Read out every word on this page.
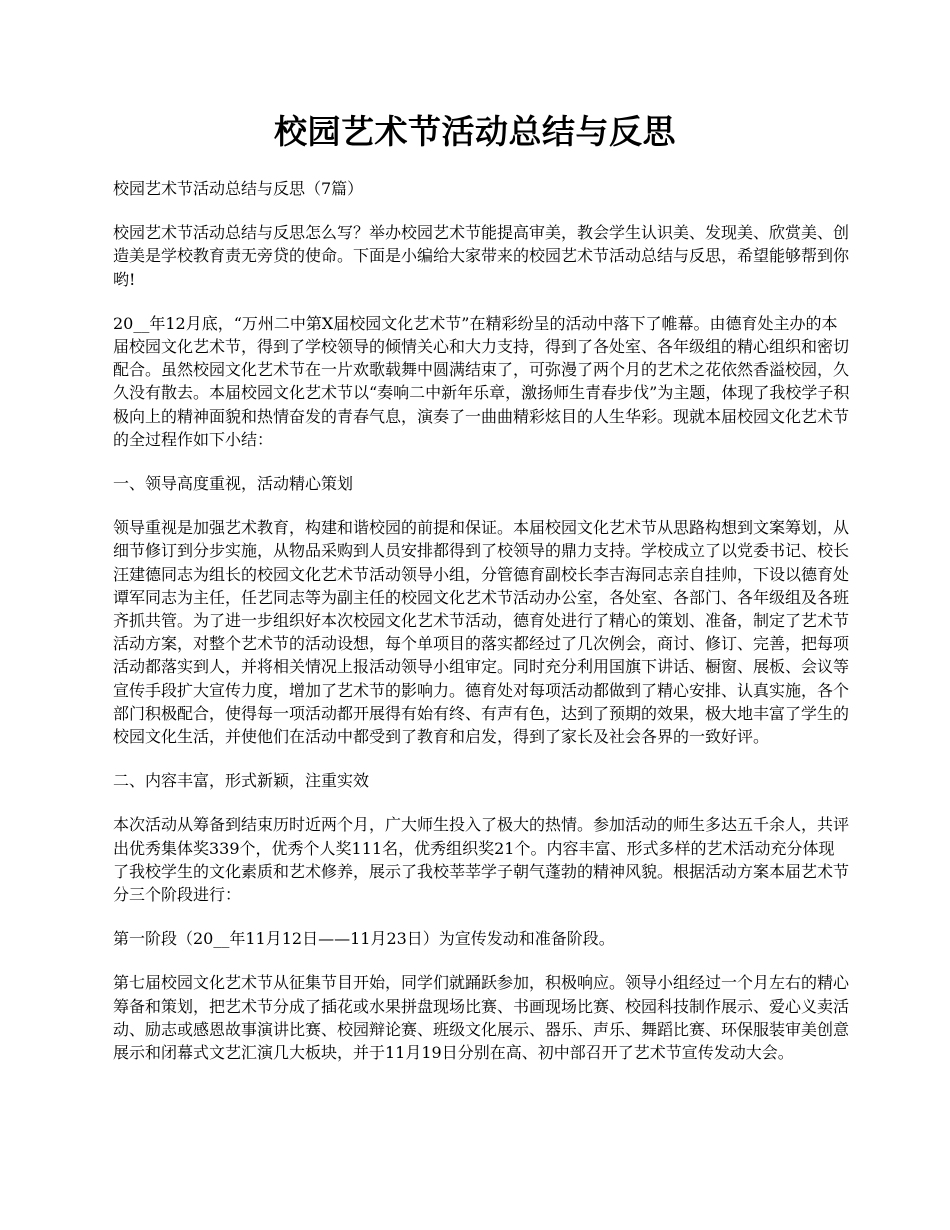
校园艺术节活动总结与反思

校园艺术节活动总结与反思（7篇）

校园艺术节活动总结与反思怎么写？举办校园艺术节能提高审美，教会学生认识美、发现美、欣赏美、创造美是学校教育责无旁贷的使命。下面是小编给大家带来的校园艺术节活动总结与反思，希望能够帮到你哟!

20__年12月底，“万州二中第X届校园文化艺术节”在精彩纷呈的活动中落下了帷幕。由德育处主办的本届校园文化艺术节，得到了学校领导的倾情关心和大力支持，得到了各处室、各年级组的精心组织和密切配合。虽然校园文化艺术节在一片欢歌载舞中圆满结束了，可弥漫了两个月的艺术之花依然香溢校园，久久没有散去。本届校园文化艺术节以“奏响二中新年乐章，激扬师生青春步伐”为主题，体现了我校学子积极向上的精神面貌和热情奋发的青春气息，演奏了一曲曲精彩炫目的人生华彩。现就本届校园文化艺术节的全过程作如下小结：

一、领导高度重视，活动精心策划

领导重视是加强艺术教育，构建和谐校园的前提和保证。本届校园文化艺术节从思路构想到文案筹划，从细节修订到分步实施，从物品采购到人员安排都得到了校领导的鼎力支持。学校成立了以党委书记、校长汪建德同志为组长的校园文化艺术节活动领导小组，分管德育副校长李吉海同志亲自挂帅，下设以德育处谭军同志为主任，任艺同志等为副主任的校园文化艺术节活动办公室，各处室、各部门、各年级组及各班齐抓共管。为了进一步组织好本次校园文化艺术节活动，德育处进行了精心的策划、准备，制定了艺术节活动方案，对整个艺术节的活动设想，每个单项目的落实都经过了几次例会，商讨、修订、完善，把每项活动都落实到人，并将相关情况上报活动领导小组审定。同时充分利用国旗下讲话、橱窗、展板、会议等宣传手段扩大宣传力度，增加了艺术节的影响力。德育处对每项活动都做到了精心安排、认真实施，各个部门积极配合，使得每一项活动都开展得有始有终、有声有色，达到了预期的效果，极大地丰富了学生的校园文化生活，并使他们在活动中都受到了教育和启发，得到了家长及社会各界的一致好评。

二、内容丰富，形式新颖，注重实效

本次活动从筹备到结束历时近两个月，广大师生投入了极大的热情。参加活动的师生多达五千余人，共评出优秀集体奖339个，优秀个人奖111名，优秀组织奖21个。内容丰富、形式多样的艺术活动充分体现了我校学生的文化素质和艺术修养，展示了我校莘莘学子朝气蓬勃的精神风貌。根据活动方案本届艺术节分三个阶段进行：

第一阶段（20__年11月12日——11月23日）为宣传发动和准备阶段。

第七届校园文化艺术节从征集节目开始，同学们就踊跃参加，积极响应。领导小组经过一个月左右的精心筹备和策划，把艺术节分成了插花或水果拼盘现场比赛、书画现场比赛、校园科技制作展示、爱心义卖活动、励志或感恩故事演讲比赛、校园辩论赛、班级文化展示、器乐、声乐、舞蹈比赛、环保服装审美创意展示和闭幕式文艺汇演几大板块，并于11月19日分别在高、初中部召开了艺术节宣传发动大会。
